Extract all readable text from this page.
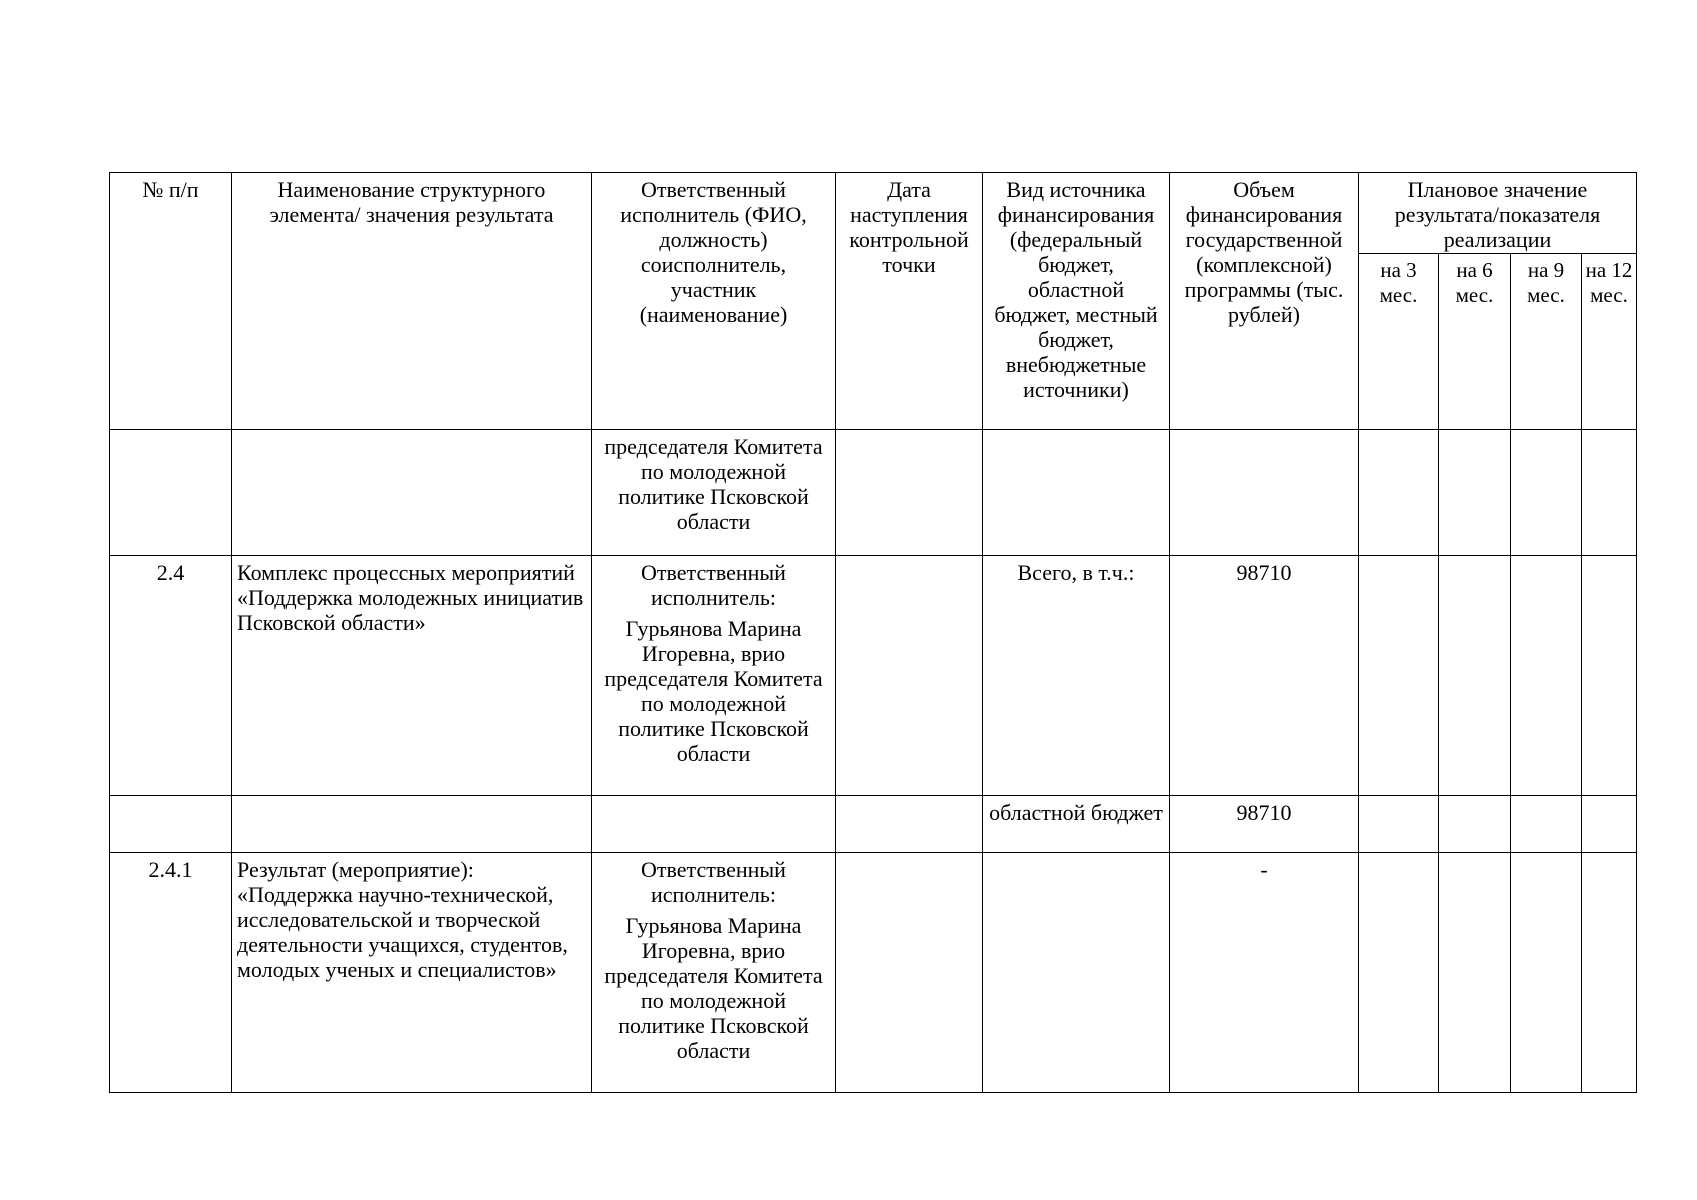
№ п/п	Наименование структурного элемента/ значения результата	Ответственный исполнитель (ФИО, должность) соисполнитель, участник (наименование)	Дата наступления контрольной точки	Вид источника финансирования (федеральный бюджет, областной бюджет, местный бюджет, внебюджетные источники)	Объем финансирования государственной (комплексной) программы (тыс. рублей)	Плановое значение результата/показателя реализации			
						на 3 мес.	на 6 мес.	на 9 мес.	на 12 мес.

		председателя Комитета по молодежной политике Псковской области							

2.4	Комплекс процессных мероприятий «Поддержка молодежных инициатив Псковской области»	Ответственный исполнитель:
Гурьянова Марина Игоревна, врио председателя Комитета по молодежной политике Псковской области		Всего, в т.ч.:	98710				
				областной бюджет	98710				
2.4.1	Результат (мероприятие): «Поддержка научно-технической, исследовательской и творческой деятельности учащихся, студентов, молодых ученых и специалистов»	Ответственный исполнитель:
Гурьянова Марина Игоревна, врио председателя Комитета по молодежной политике Псковской области			-				
